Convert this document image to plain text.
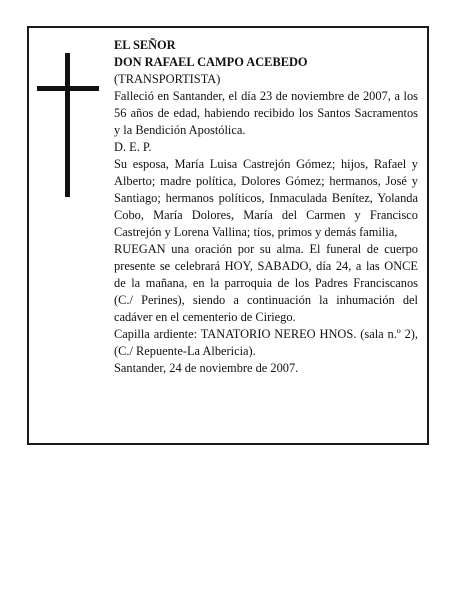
EL SEÑOR
DON RAFAEL CAMPO ACEBEDO
(TRANSPORTISTA)
Falleció en Santander, el día 23 de noviembre de 2007, a los 56 años de edad, habiendo recibido los Santos Sacramentos y la Bendición Apostólica.
D. E. P.
Su esposa, María Luisa Castrejón Gómez; hijos, Rafael y Alberto; madre política, Dolores Gómez; hermanos, José y Santiago; hermanos políticos, Inmaculada Benítez, Yolanda Cobo, María Dolores, María del Carmen y Francisco Castrejón y Lorena Vallina; tíos, primos y demás familia,
RUEGAN una oración por su alma. El funeral de cuerpo presente se celebrará HOY, SABADO, día 24, a las ONCE de la mañana, en la parroquia de los Padres Franciscanos (C./ Perines), siendo a continuación la inhumación del cadáver en el cementerio de Ciriego.
Capilla ardiente: TANATORIO NEREO HNOS. (sala n.º 2), (C./ Repuente-La Albericia).
Santander, 24 de noviembre de 2007.
